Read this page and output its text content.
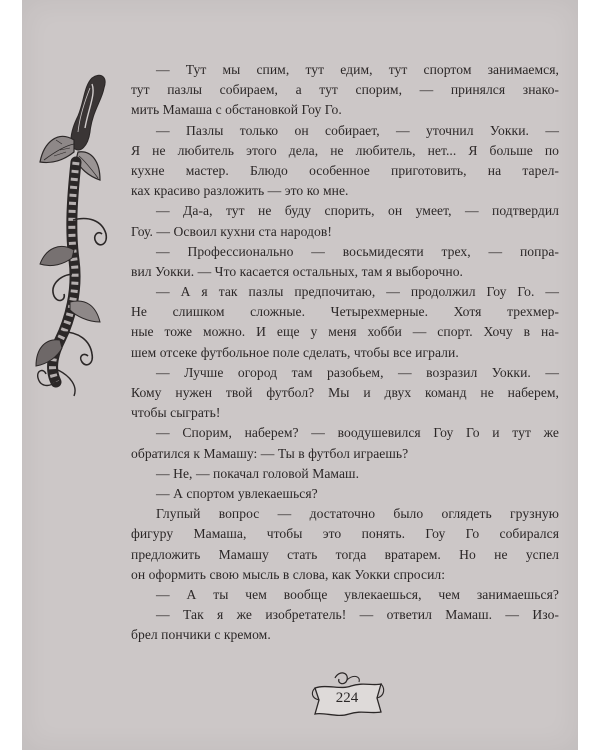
— Тут мы спим, тут едим, тут спортом занимаемся,
тут пазлы собираем, а тут спорим, — принялся знако-
мить Мамаша с обстановкой Гоу Го.
— Пазлы только он собирает, — уточнил Уокки. —
Я не любитель этого дела, не любитель, нет... Я больше по
кухне мастер. Блюдо особенное приготовить, на тарел-
ках красиво разложить — это ко мне.
— Да-а, тут не буду спорить, он умеет, — подтвердил
Гоу. — Освоил кухни ста народов!
— Профессионально — восьмидесяти трех, — попра-
вил Уокки. — Что касается остальных, там я выборочно.
— А я так пазлы предпочитаю, — продолжил Гоу Го. —
Не слишком сложные. Четырехмерные. Хотя трехмер-
ные тоже можно. И еще у меня хобби — спорт. Хочу в на-
шем отсеке футбольное поле сделать, чтобы все играли.
— Лучше огород там разобьем, — возразил Уокки. —
Кому нужен твой футбол? Мы и двух команд не наберем,
чтобы сыграть!
— Спорим, наберем? — воодушевился Гоу Го и тут же
обратился к Мамашу: — Ты в футбол играешь?
— Не, — покачал головой Мамаш.
— А спортом увлекаешься?
Глупый вопрос — достаточно было оглядеть грузную
фигуру Мамаша, чтобы это понять. Гоу Го собирался
предложить Мамашу стать тогда вратарем. Но не успел
он оформить свою мысль в слова, как Уокки спросил:
— А ты чем вообще увлекаешься, чем занимаешься?
— Так я же изобретатель! — ответил Мамаш. — Изо-
брел пончики с кремом.
224
